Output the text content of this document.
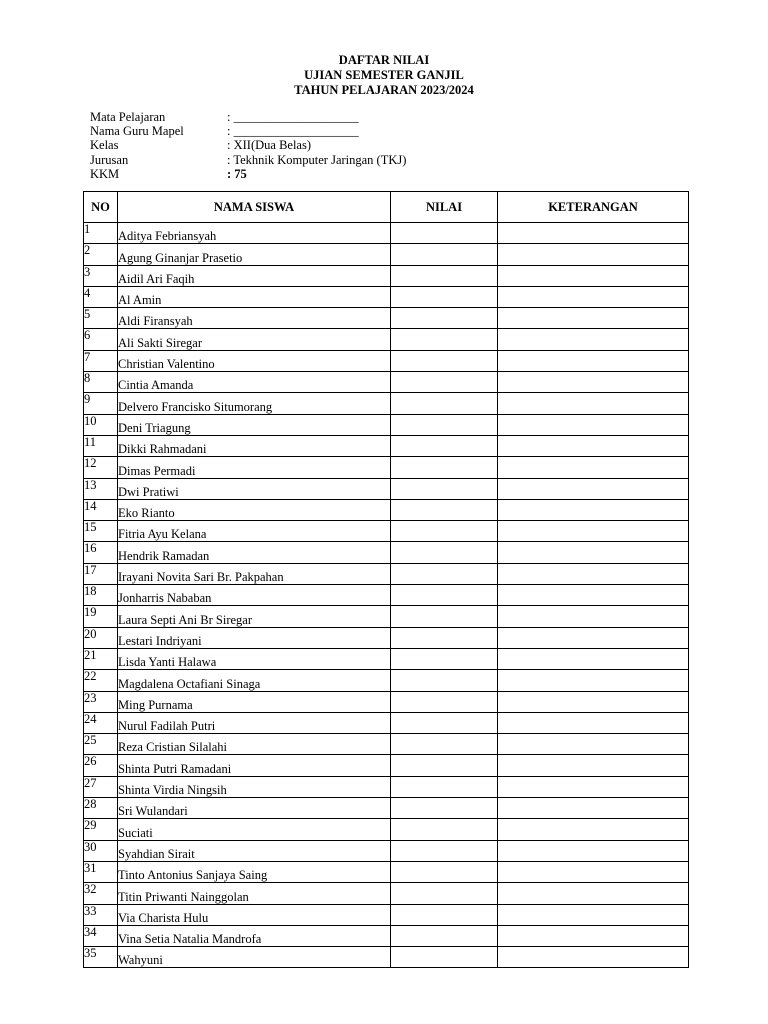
DAFTAR NILAI
UJIAN SEMESTER GANJIL
TAHUN PELAJARAN 2023/2024
Mata Pelajaran	: ____________________
Nama Guru Mapel	: ____________________
Kelas	: XII(Dua Belas)
Jurusan	: Tekhnik Komputer Jaringan (TKJ)
KKM	: 75
NO	NAMA SISWA	NILAI	KETERANGAN
1	Aditya Febriansyah		
2	Agung Ginanjar Prasetio		
3	Aidil Ari Faqih		
4	Al Amin		
5	Aldi Firansyah		
6	Ali Sakti Siregar		
7	Christian Valentino		
8	Cintia Amanda		
9	Delvero Francisko Situmorang		
10	Deni Triagung		
11	Dikki Rahmadani		
12	Dimas Permadi		
13	Dwi Pratiwi		
14	Eko Rianto		
15	Fitria Ayu Kelana		
16	Hendrik Ramadan		
17	Irayani Novita Sari Br. Pakpahan		
18	Jonharris Nababan		
19	Laura Septi Ani Br Siregar		
20	Lestari Indriyani		
21	Lisda Yanti Halawa		
22	Magdalena Octafiani Sinaga		
23	Ming Purnama		
24	Nurul Fadilah Putri		
25	Reza Cristian Silalahi		
26	Shinta Putri Ramadani		
27	Shinta Virdia Ningsih		
28	Sri Wulandari		
29	Suciati		
30	Syahdian Sirait		
31	Tinto Antonius Sanjaya Saing		
32	Titin Priwanti Nainggolan		
33	Via Charista Hulu		
34	Vina Setia Natalia Mandrofa		
35	Wahyuni		
